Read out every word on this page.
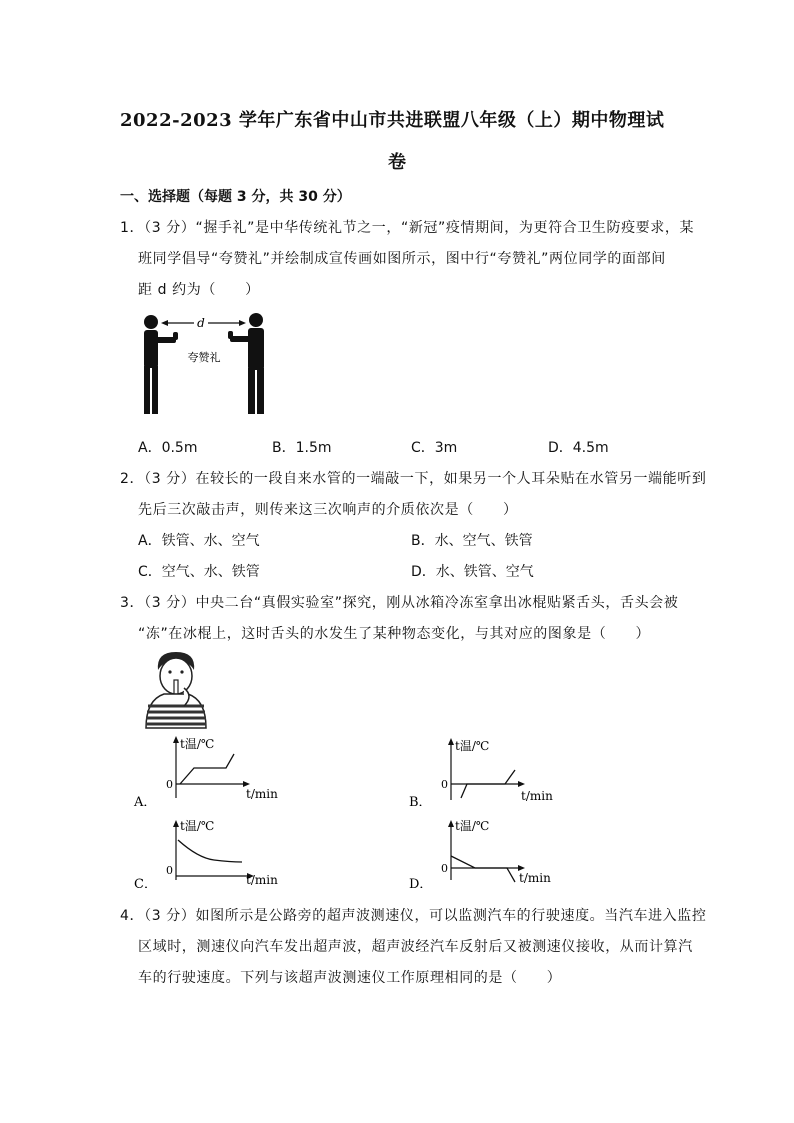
2022-2023 学年广东省中山市共进联盟八年级（上）期中物理试
卷
一、选择题（每题 3 分，共 30 分）
1．（3 分）“握手礼”是中华传统礼节之一，“新冠”疫情期间，为更符合卫生防疫要求，某
班同学倡导“夸赞礼”并绘制成宣传画如图所示，图中行“夸赞礼”两位同学的面部间
距 d 约为（　　）
d
夸赞礼
A．0.5m	B．1.5m	C．3m	D．4.5m
2．（3 分）在较长的一段自来水管的一端敲一下，如果另一个人耳朵贴在水管另一端能听到
先后三次敲击声，则传来这三次响声的介质依次是（　　）
A．铁管、水、空气	B．水、空气、铁管
C．空气、水、铁管	D．水、铁管、空气
3．（3 分）中央二台“真假实验室”探究，刚从冰箱冷冻室拿出冰棍贴紧舌头，舌头会被
“冻”在冰棍上，这时舌头的水发生了某种物态变化，与其对应的图象是（　　）
A．
t温/℃
0
t/min
B．
t温/℃
0
t/min
C．
t温/℃
0
t/min	D．
t温/℃
0
t/min
4．（3 分）如图所示是公路旁的超声波测速仪，可以监测汽车的行驶速度。当汽车进入监控
区域时，测速仪向汽车发出超声波，超声波经汽车反射后又被测速仪接收，从而计算汽
车的行驶速度。下列与该超声波测速仪工作原理相同的是（　　）
